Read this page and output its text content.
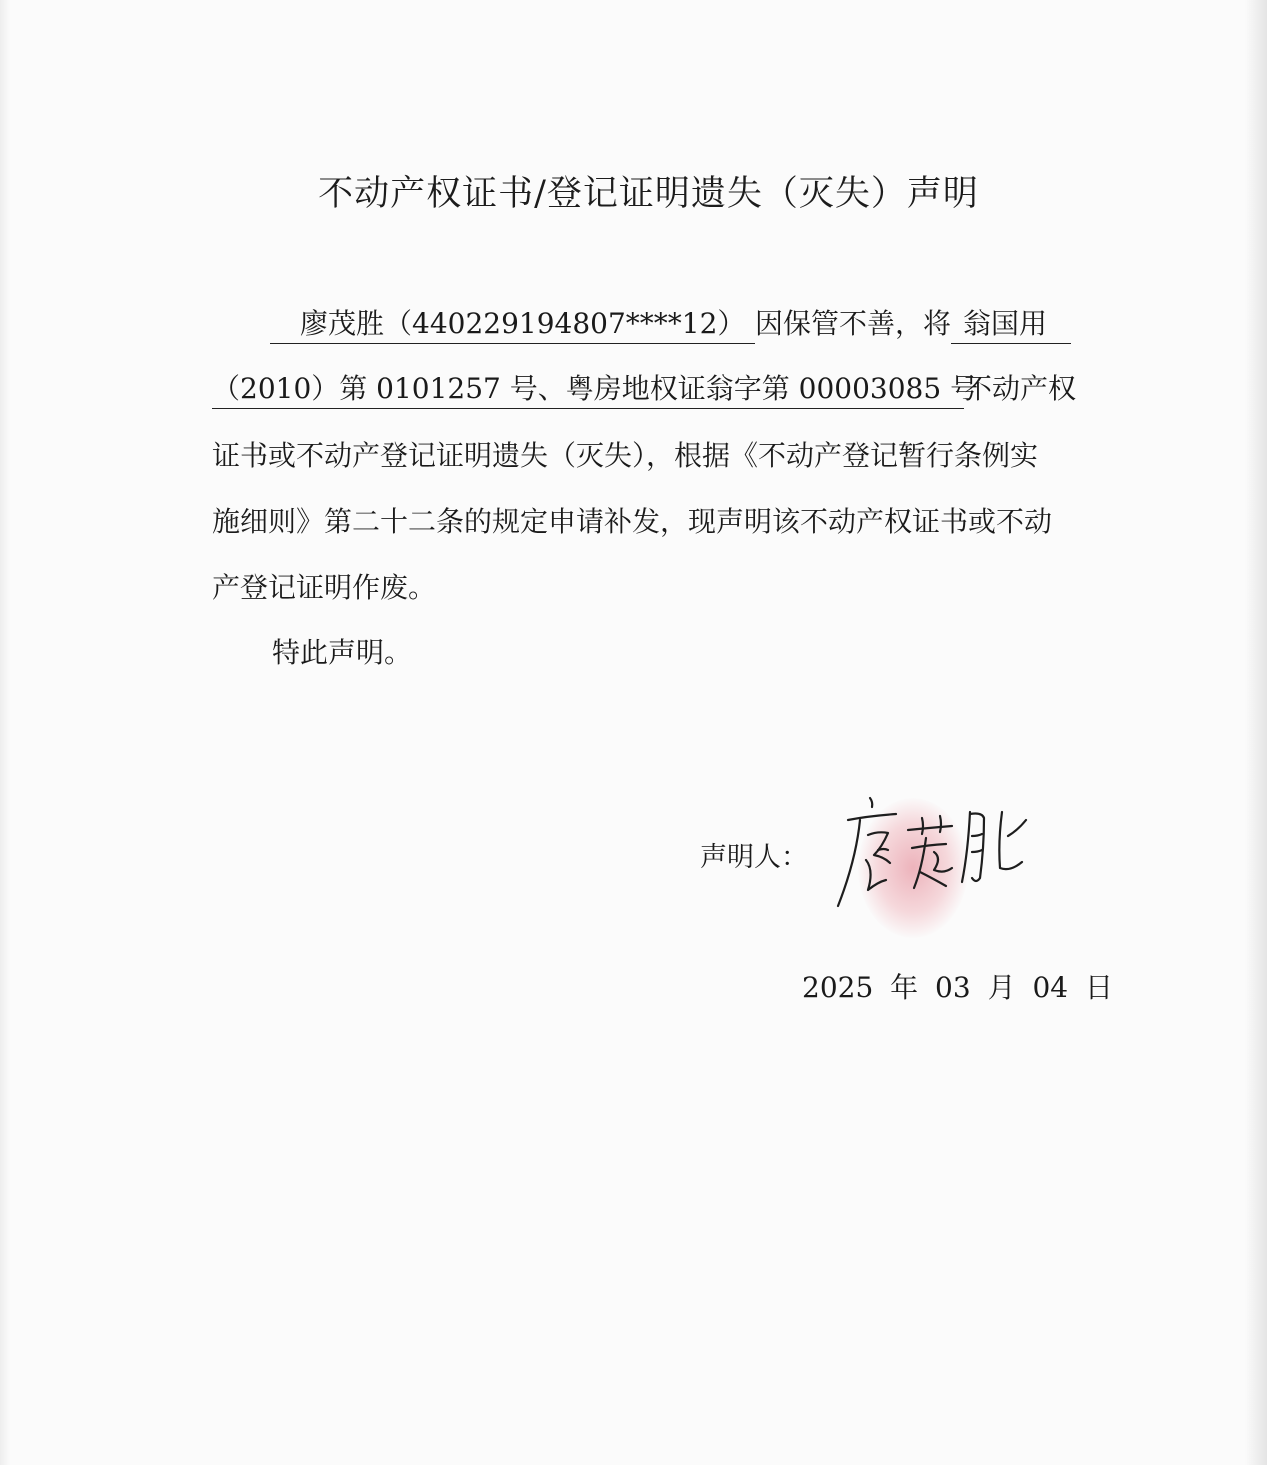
不动产权证书/登记证明遗失（灭失）声明
廖茂胜（440229194807****12） 因保管不善，将 翁国用
（2010）第 0101257 号、粤房地权证翁字第 00003085 号不动产权
证书或不动产登记证明遗失（灭失），根据《不动产登记暂行条例实
施细则》第二十二条的规定申请补发，现声明该不动产权证书或不动
产登记证明作废。
特此声明。
声明人：
2025 年 03 月 04 日
